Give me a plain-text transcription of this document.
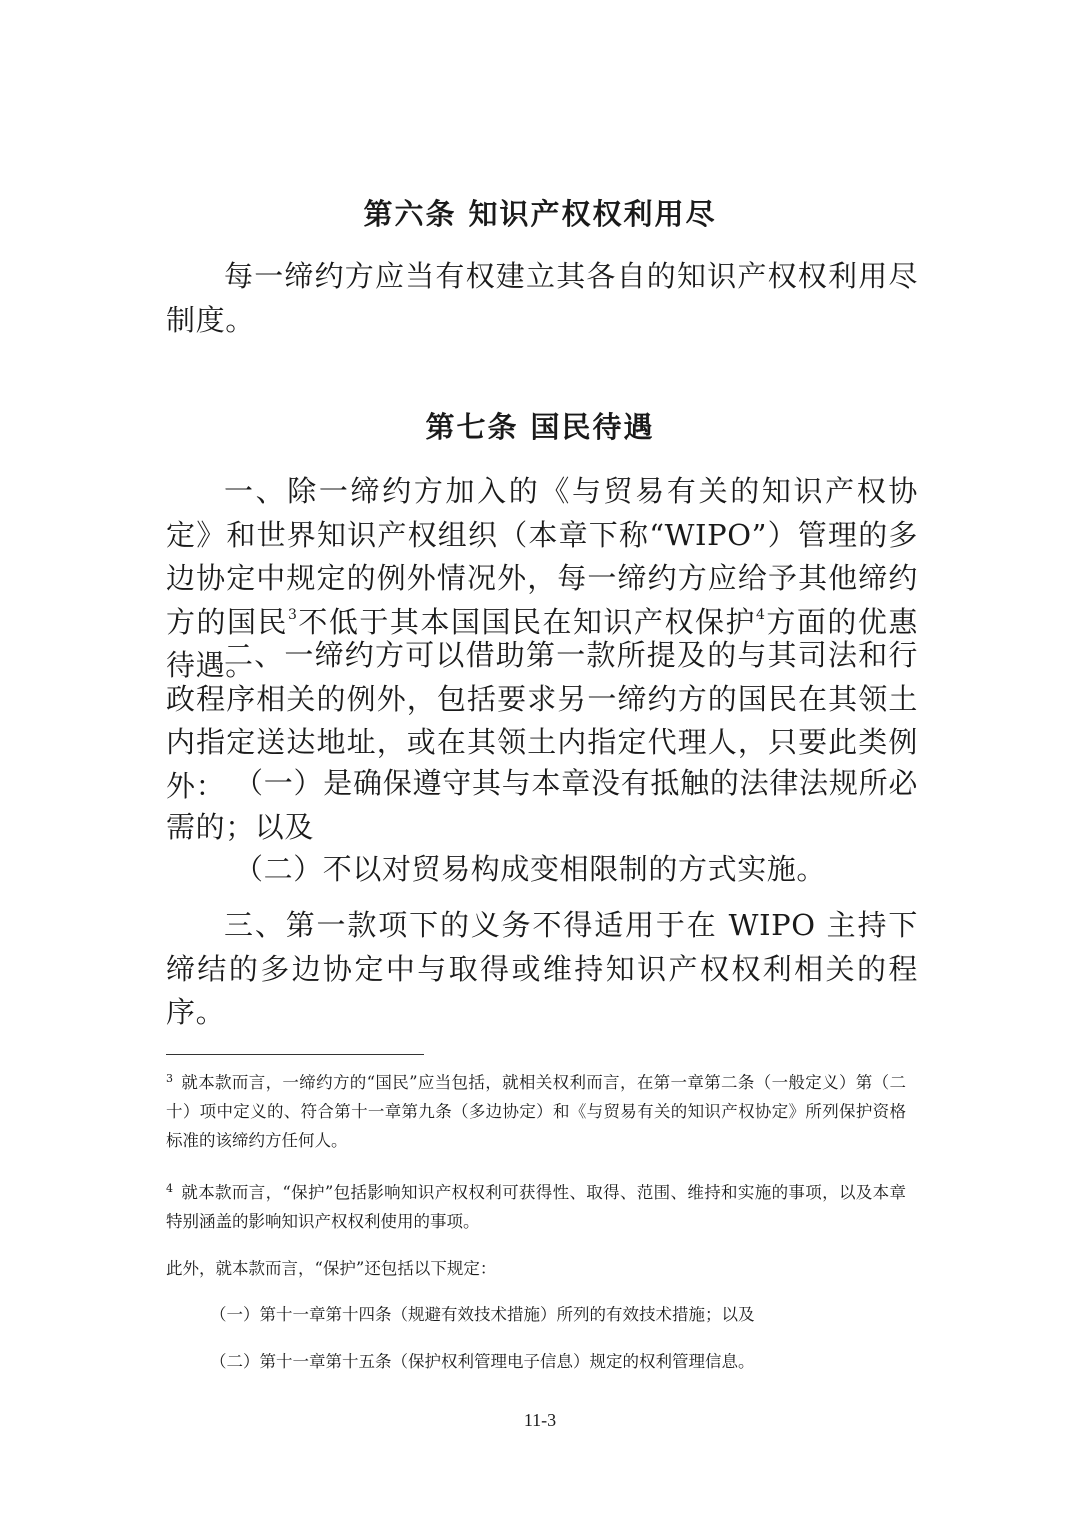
第六条 知识产权权利用尽
每一缔约方应当有权建立其各自的知识产权权利用尽制度。
第七条 国民待遇
一、除一缔约方加入的《与贸易有关的知识产权协定》和世界知识产权组织（本章下称“WIPO”）管理的多边协定中规定的例外情况外，每一缔约方应给予其他缔约方的国民$^3$不低于其本国国民在知识产权保护$^4$方面的优惠待遇。
二、一缔约方可以借助第一款所提及的与其司法和行政程序相关的例外，包括要求另一缔约方的国民在其领土内指定送达地址，或在其领土内指定代理人，只要此类例外： （一）是确保遵守其与本章没有抵触的法律法规所必需的；以及
（二）不以对贸易构成变相限制的方式实施。
三、第一款项下的义务不得适用于在 WIPO 主持下缔结的多边协定中与取得或维持知识产权权利相关的程序。
$^3$ 就本款而言，一缔约方的“国民”应当包括，就相关权利而言，在第一章第二条（一般定义）第（二十）项中定义的、符合第十一章第九条（多边协定）和《与贸易有关的知识产权协定》所列保护资格标准的该缔约方任何人。
$^4$ 就本款而言，“保护”包括影响知识产权权利可获得性、取得、范围、维持和实施的事项，以及本章特别涵盖的影响知识产权权利使用的事项。
此外，就本款而言，“保护”还包括以下规定：
（一）第十一章第十四条（规避有效技术措施）所列的有效技术措施；以及
（二）第十一章第十五条（保护权利管理电子信息）规定的权利管理信息。
11-3
